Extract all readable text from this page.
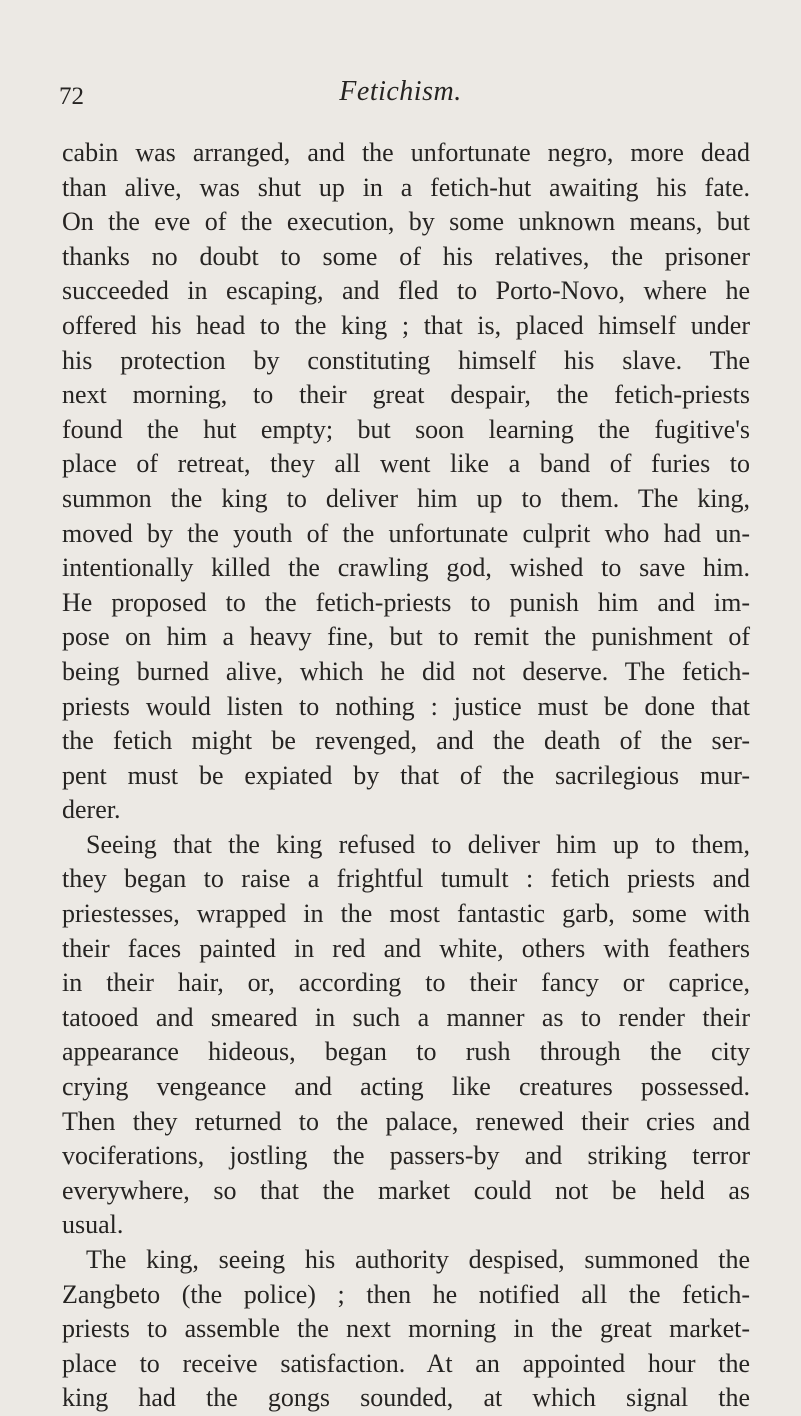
72	Fetichism.
cabin was arranged, and the unfortunate negro, more dead
than alive, was shut up in a fetich-hut awaiting his fate.
On the eve of the execution, by some unknown means, but
thanks no doubt to some of his relatives, the prisoner
succeeded in escaping, and fled to Porto-Novo, where he
offered his head to the king ; that is, placed himself under
his protection by constituting himself his slave. The
next morning, to their great despair, the fetich-priests
found the hut empty; but soon learning the fugitive's
place of retreat, they all went like a band of furies to
summon the king to deliver him up to them. The king,
moved by the youth of the unfortunate culprit who had un-
intentionally killed the crawling god, wished to save him.
He proposed to the fetich-priests to punish him and im-
pose on him a heavy fine, but to remit the punishment of
being burned alive, which he did not deserve. The fetich-
priests would listen to nothing : justice must be done that
the fetich might be revenged, and the death of the ser-
pent must be expiated by that of the sacrilegious mur-
derer.
Seeing that the king refused to deliver him up to them,
they began to raise a frightful tumult : fetich priests and
priestesses, wrapped in the most fantastic garb, some with
their faces painted in red and white, others with feathers
in their hair, or, according to their fancy or caprice,
tatooed and smeared in such a manner as to render their
appearance hideous, began to rush through the city
crying vengeance and acting like creatures possessed.
Then they returned to the palace, renewed their cries and
vociferations, jostling the passers-by and striking terror
everywhere, so that the market could not be held as
usual.
The king, seeing his authority despised, summoned the
Zangbeto (the police) ; then he notified all the fetich-
priests to assemble the next morning in the great market-
place to receive satisfaction. At an appointed hour the
king had the gongs sounded, at which signal the
